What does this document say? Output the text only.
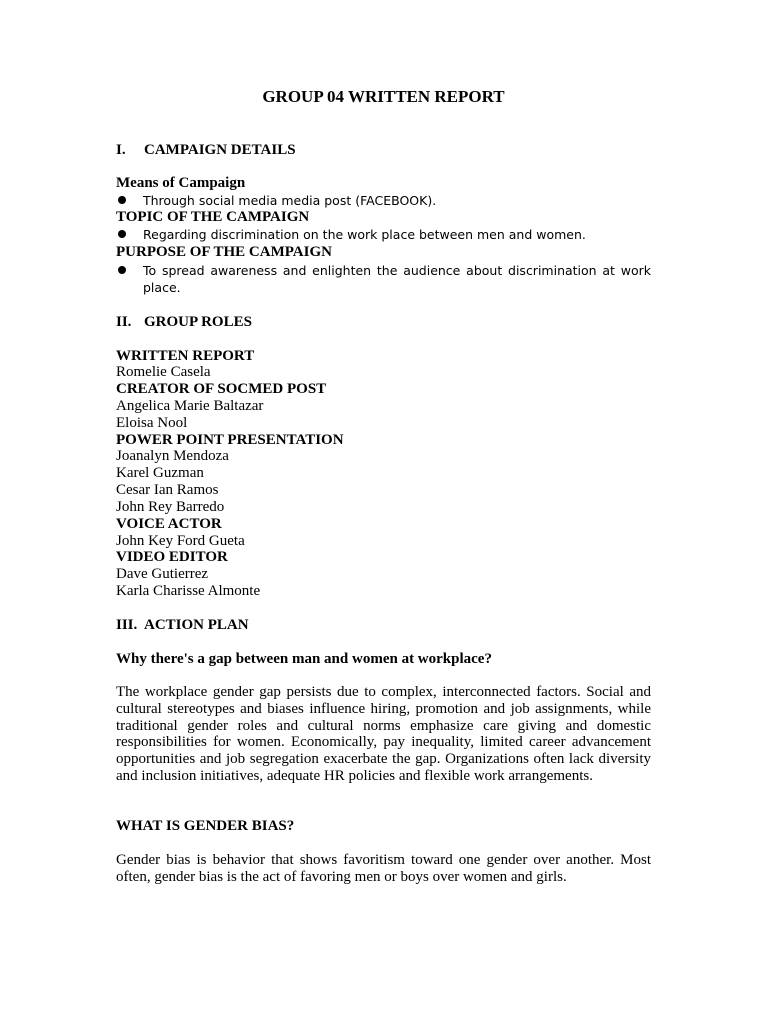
GROUP 04 WRITTEN REPORT
I. CAMPAIGN DETAILS
Means of Campaign
Through social media media post (FACEBOOK).
TOPIC OF THE CAMPAIGN
Regarding discrimination on the work place between men and women.
PURPOSE OF THE CAMPAIGN
To spread awareness and enlighten the audience about discrimination at work place.
II. GROUP ROLES
WRITTEN REPORT
Romelie Casela
CREATOR OF SOCMED POST
Angelica Marie Baltazar
Eloisa Nool
POWER POINT PRESENTATION
Joanalyn Mendoza
Karel Guzman
Cesar Ian Ramos
John Rey Barredo
VOICE ACTOR
John Key Ford Gueta
VIDEO EDITOR
Dave Gutierrez
Karla Charisse Almonte
III. ACTION PLAN
Why there's a gap between man and women at workplace?
The workplace gender gap persists due to complex, interconnected factors. Social and cultural stereotypes and biases influence hiring, promotion and job assignments, while traditional gender roles and cultural norms emphasize care giving and domestic responsibilities for women. Economically, pay inequality, limited career advancement opportunities and job segregation exacerbate the gap. Organizations often lack diversity and inclusion initiatives, adequate HR policies and flexible work arrangements.
WHAT IS GENDER BIAS?
Gender bias is behavior that shows favoritism toward one gender over another. Most often, gender bias is the act of favoring men or boys over women and girls.
